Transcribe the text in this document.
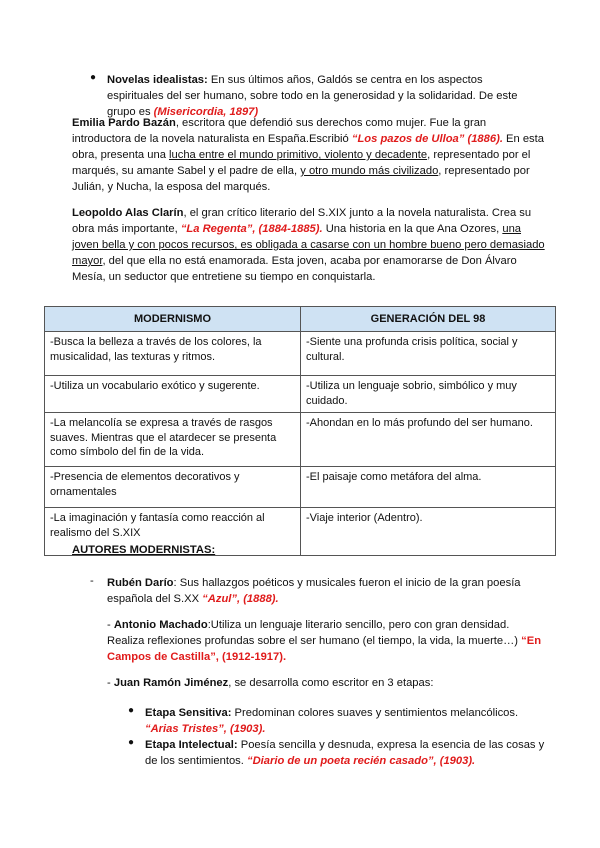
● Novelas idealistas: En sus últimos años, Galdós se centra en los aspectos espirituales del ser humano, sobre todo en la generosidad y la solidaridad. De este grupo es (Misericordia, 1897)

Emilia Pardo Bazán, escritora que defendió sus derechos como mujer. Fue la gran introductora de la novela naturalista en España.Escribió “Los pazos de Ulloa” (1886). En esta obra, presenta una lucha entre el mundo primitivo, violento y decadente, representado por el marqués, su amante Sabel y el padre de ella, y otro mundo más civilizado, representado por Julián, y Nucha, la esposa del marqués.

Leopoldo Alas Clarín, el gran crítico literario del S.XIX junto a la novela naturalista. Crea su obra más importante, “La Regenta”, (1884-1885). Una historia en la que Ana Ozores, una joven bella y con pocos recursos, es obligada a casarse con un hombre bueno pero demasiado mayor, del que ella no está enamorada. Esta joven, acaba por enamorarse de Don Álvaro Mesía, un seductor que entretiene su tiempo en conquistarla.

MODERNISMO	GENERACIÓN DEL 98
-Busca la belleza a través de los colores, la musicalidad, las texturas y ritmos.	-Siente una profunda crisis política, social y cultural.
-Utiliza un vocabulario exótico y sugerente.	-Utiliza un lenguaje sobrio, simbólico y muy cuidado.
-La melancolía se expresa a través de rasgos suaves. Mientras que el atardecer se presenta como símbolo del fin de la vida.	-Ahondan en lo más profundo del ser humano.
-Presencia de elementos decorativos y ornamentales	-El paisaje como metáfora del alma.
-La imaginación y fantasía como reacción al realismo del S.XIX	-Viaje interior (Adentro).
AUTORES MODERNISTAS:
- Rubén Darío: Sus hallazgos poéticos y musicales fueron el inicio de la gran poesía española del S.XX “Azul”, (1888).

- Antonio Machado:Utiliza un lenguaje literario sencillo, pero con gran densidad. Realiza reflexiones profundas sobre el ser humano (el tiempo, la vida, la muerte…) “En Campos de Castilla”, (1912-1917).

- Juan Ramón Jiménez, se desarrolla como escritor en 3 etapas:

● Etapa Sensitiva: Predominan colores suaves y sentimientos melancólicos. “Arias Tristes”, (1903).

● Etapa Intelectual: Poesía sencilla y desnuda, expresa la esencia de las cosas y de los sentimientos. “Diario de un poeta recién casado”, (1903).
